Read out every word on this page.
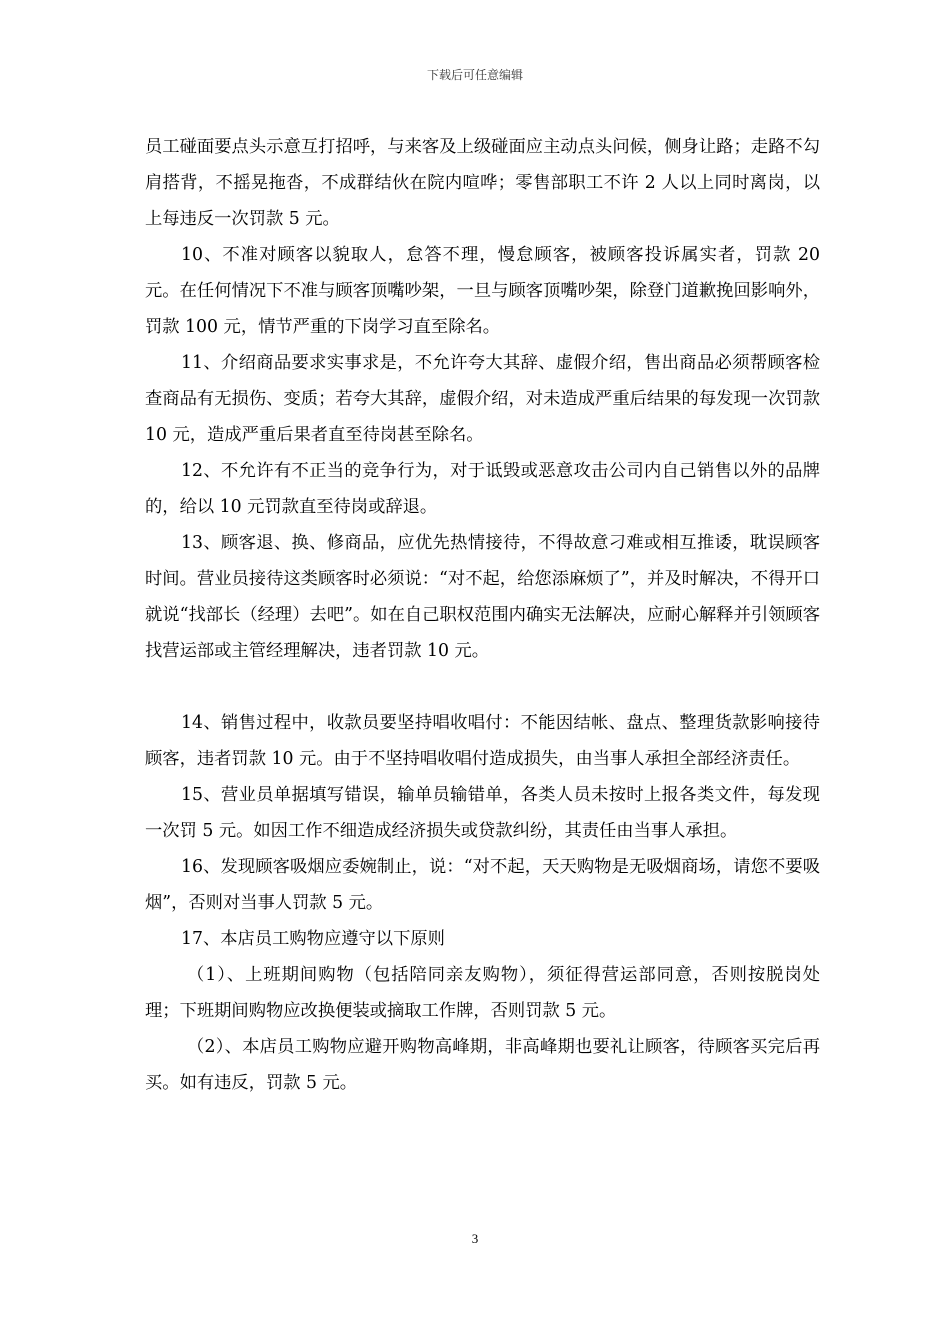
下载后可任意编辑

员工碰面要点头示意互打招呼，与来客及上级碰面应主动点头问候，侧身让路；走路不勾肩搭背，不摇晃拖沓，不成群结伙在院内喧哗；零售部职工不许 2 人以上同时离岗，以上每违反一次罚款 5 元。

10、不准对顾客以貌取人，怠答不理，慢怠顾客，被顾客投诉属实者，罚款 20 元。在任何情况下不准与顾客顶嘴吵架，一旦与顾客顶嘴吵架，除登门道歉挽回影响外，罚款 100 元，情节严重的下岗学习直至除名。

11、介绍商品要求实事求是，不允许夸大其辞、虚假介绍，售出商品必须帮顾客检查商品有无损伤、变质；若夸大其辞，虚假介绍，对未造成严重后结果的每发现一次罚款 10 元，造成严重后果者直至待岗甚至除名。

12、不允许有不正当的竞争行为，对于诋毁或恶意攻击公司内自己销售以外的品牌的，给以 10 元罚款直至待岗或辞退。

13、顾客退、换、修商品，应优先热情接待，不得故意刁难或相互推诿，耽误顾客时间。营业员接待这类顾客时必须说：“对不起，给您添麻烦了”，并及时解决，不得开口就说“找部长（经理）去吧”。如在自己职权范围内确实无法解决，应耐心解释并引领顾客找营运部或主管经理解决，违者罚款 10 元。

14、销售过程中，收款员要坚持唱收唱付：不能因结帐、盘点、整理货款影响接待顾客，违者罚款 10 元。由于不坚持唱收唱付造成损失，由当事人承担全部经济责任。

15、营业员单据填写错误，输单员输错单，各类人员未按时上报各类文件，每发现一次罚 5 元。如因工作不细造成经济损失或贷款纠纷，其责任由当事人承担。

16、发现顾客吸烟应委婉制止，说：“对不起，天天购物是无吸烟商场，请您不要吸烟”，否则对当事人罚款 5 元。

17、本店员工购物应遵守以下原则

（1）、上班期间购物（包括陪同亲友购物），须征得营运部同意，否则按脱岗处理；下班期间购物应改换便装或摘取工作牌，否则罚款 5 元。

（2）、本店员工购物应避开购物高峰期，非高峰期也要礼让顾客，待顾客买完后再买。如有违反，罚款 5 元。

3
